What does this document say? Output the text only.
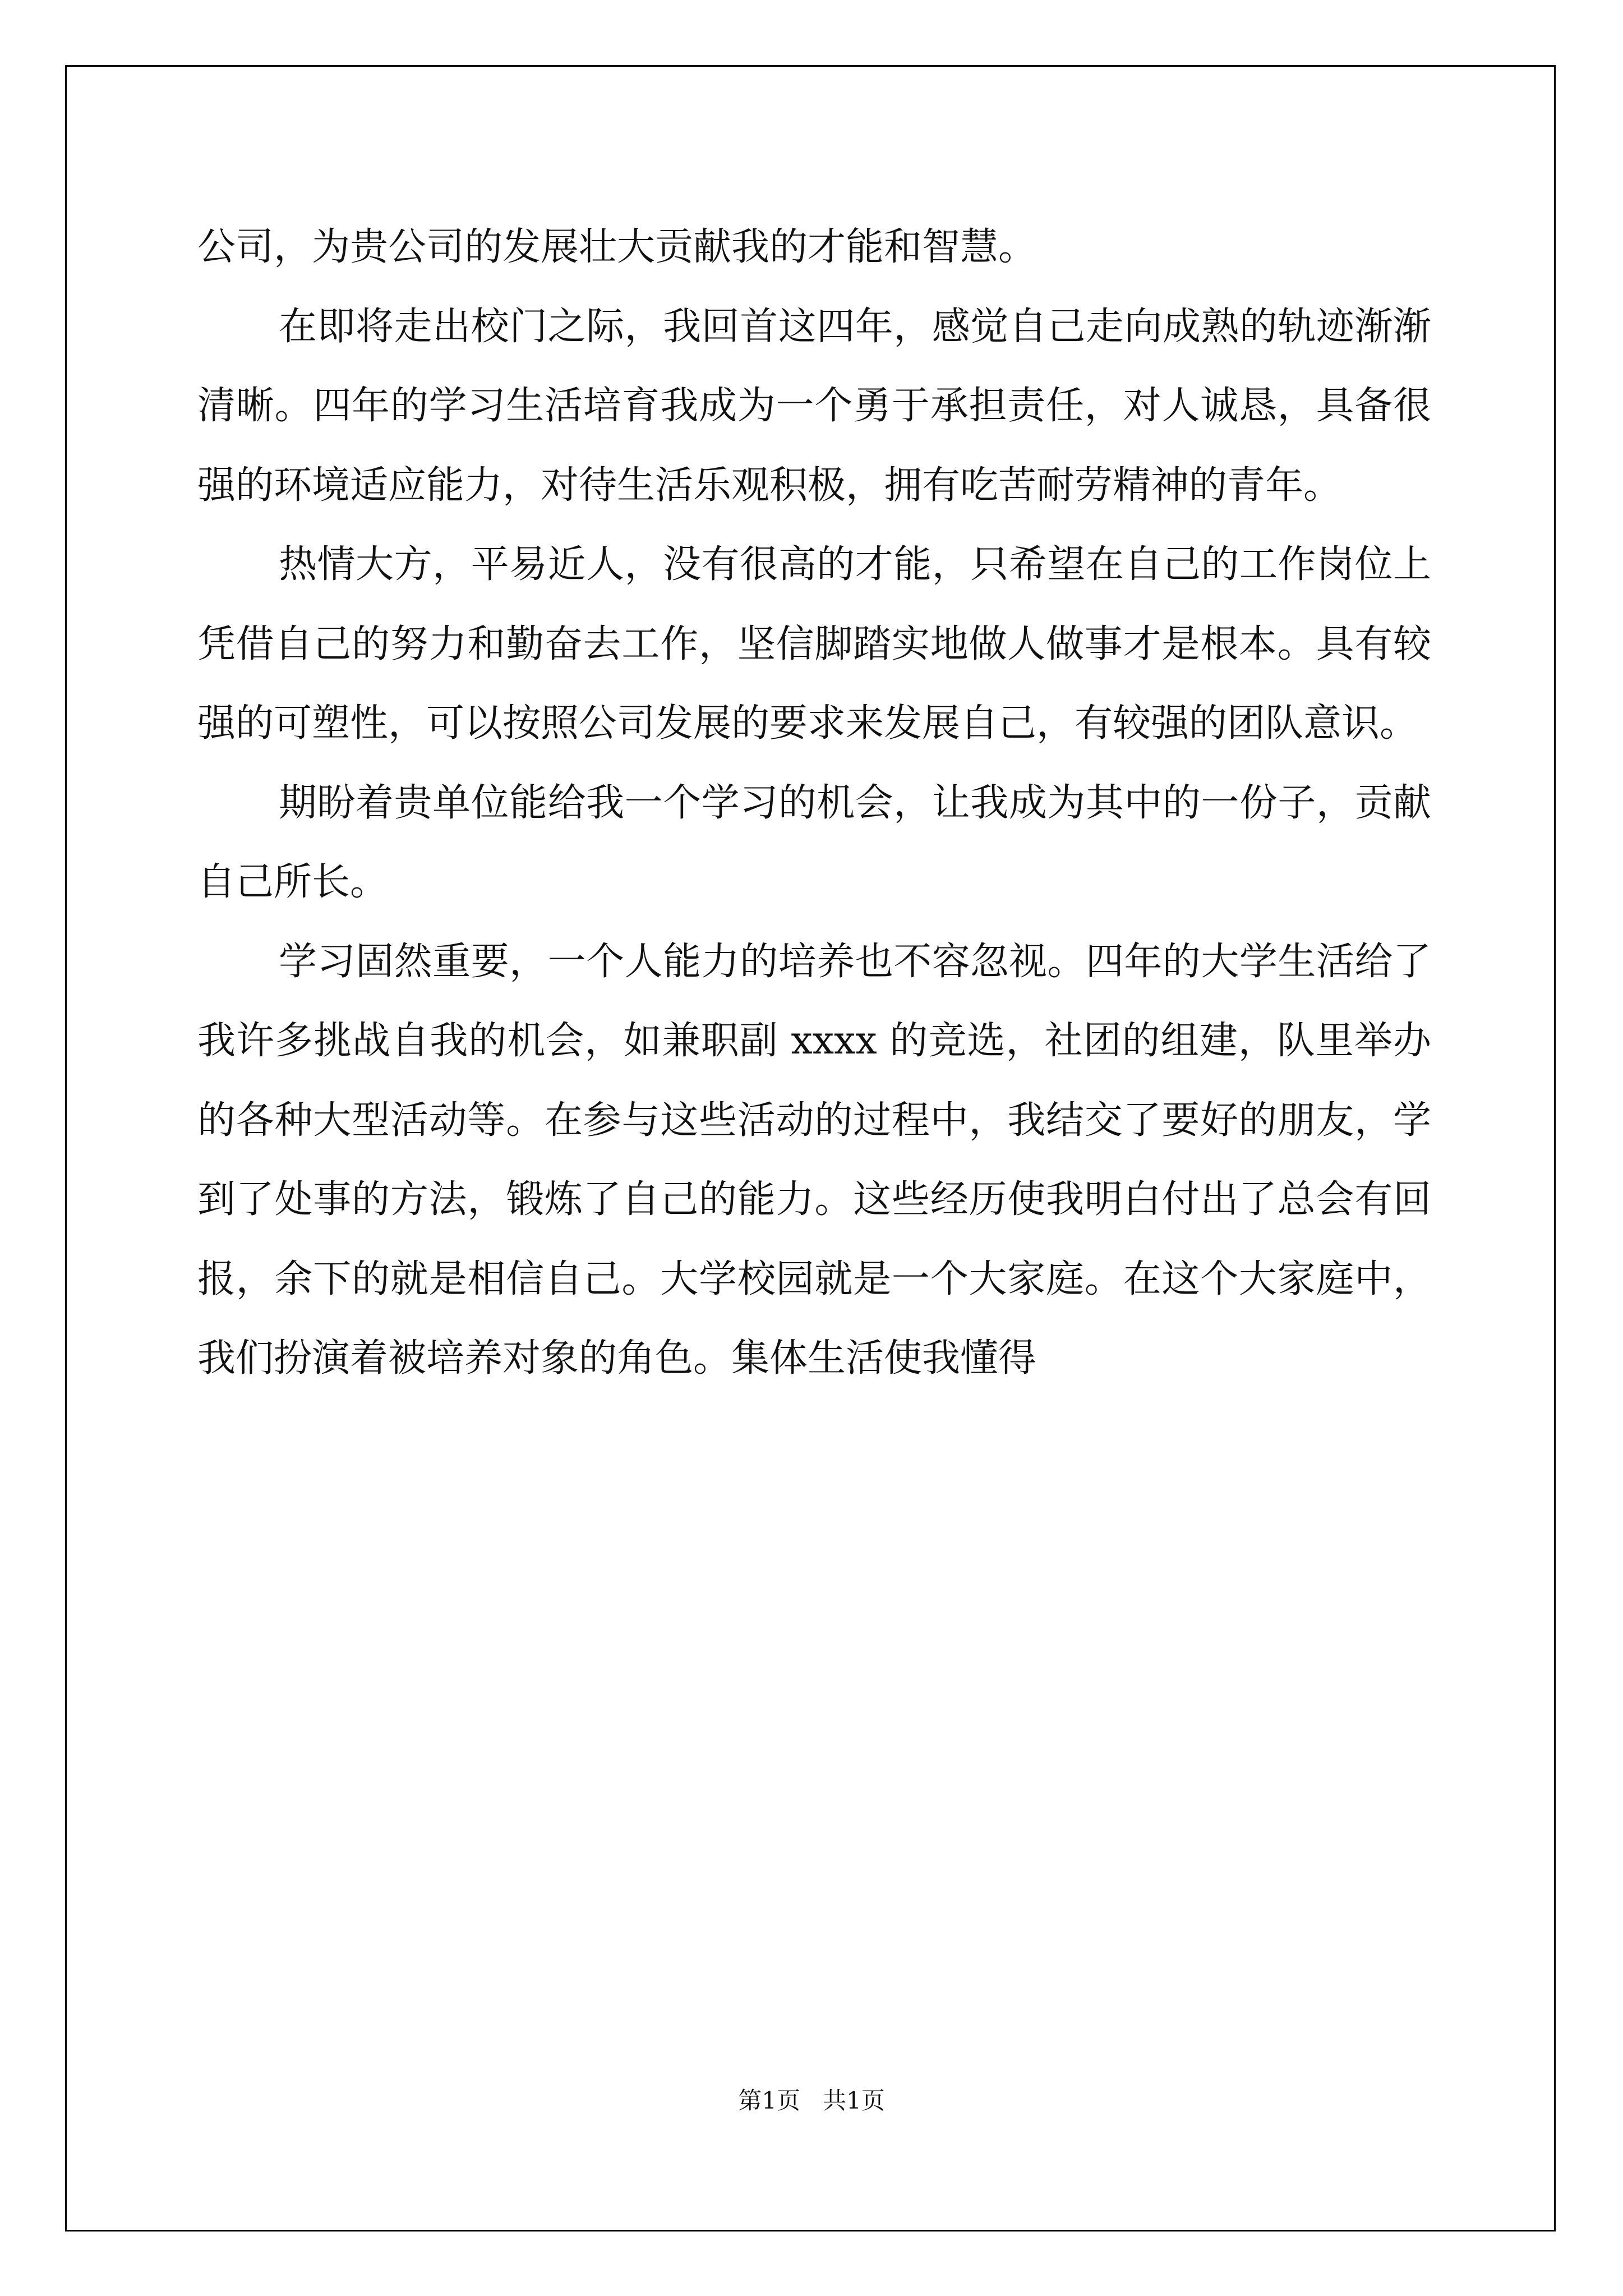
公司，为贵公司的发展壮大贡献我的才能和智慧。

在即将走出校门之际，我回首这四年，感觉自己走向成熟的轨迹渐渐清晰。四年的学习生活培育我成为一个勇于承担责任，对人诚恳，具备很强的环境适应能力，对待生活乐观积极，拥有吃苦耐劳精神的青年。

热情大方，平易近人，没有很高的才能，只希望在自己的工作岗位上凭借自己的努力和勤奋去工作，坚信脚踏实地做人做事才是根本。具有较强的可塑性，可以按照公司发展的要求来发展自己，有较强的团队意识。

期盼着贵单位能给我一个学习的机会，让我成为其中的一份子，贡献自己所长。

学习固然重要，一个人能力的培养也不容忽视。四年的大学生活给了我许多挑战自我的机会，如兼职副 xxxx 的竞选，社团的组建，队里举办的各种大型活动等。在参与这些活动的过程中，我结交了要好的朋友，学到了处事的方法，锻炼了自己的能力。这些经历使我明白付出了总会有回报，余下的就是相信自己。大学校园就是一个大家庭。在这个大家庭中，我们扮演着被培养对象的角色。集体生活使我懂得

第1页   共1页
